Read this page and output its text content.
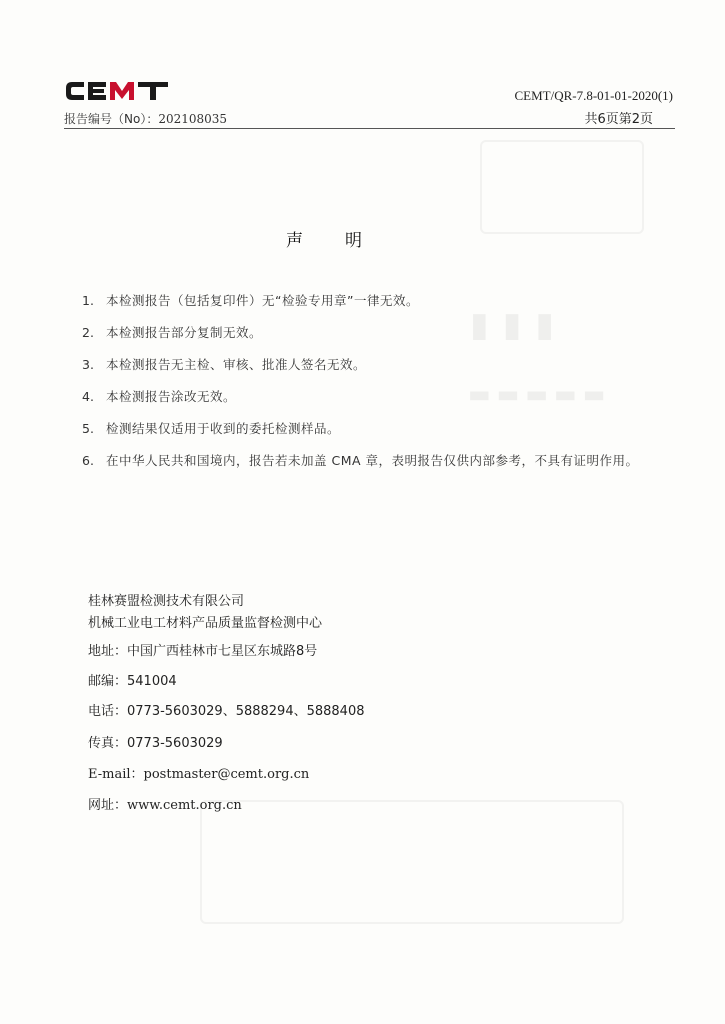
▮▮▮
▬▬▬▬▬
报告编号（No）：202108035
CEMT/QR-7.8-01-01-2020(1)
共6页第2页
声明
1. 本检测报告（包括复印件）无“检验专用章”一律无效。
2. 本检测报告部分复制无效。
3. 本检测报告无主检、审核、批准人签名无效。
4. 本检测报告涂改无效。
5. 检测结果仅适用于收到的委托检测样品。
6. 在中华人民共和国境内，报告若未加盖 CMA 章，表明报告仅供内部参考，不具有证明作用。
桂林赛盟检测技术有限公司
机械工业电工材料产品质量监督检测中心
地址：中国广西桂林市七星区东城路8号
邮编：541004
电话：0773-5603029、5888294、5888408
传真：0773-5603029
E-mail：postmaster@cemt.org.cn
网址：www.cemt.org.cn
